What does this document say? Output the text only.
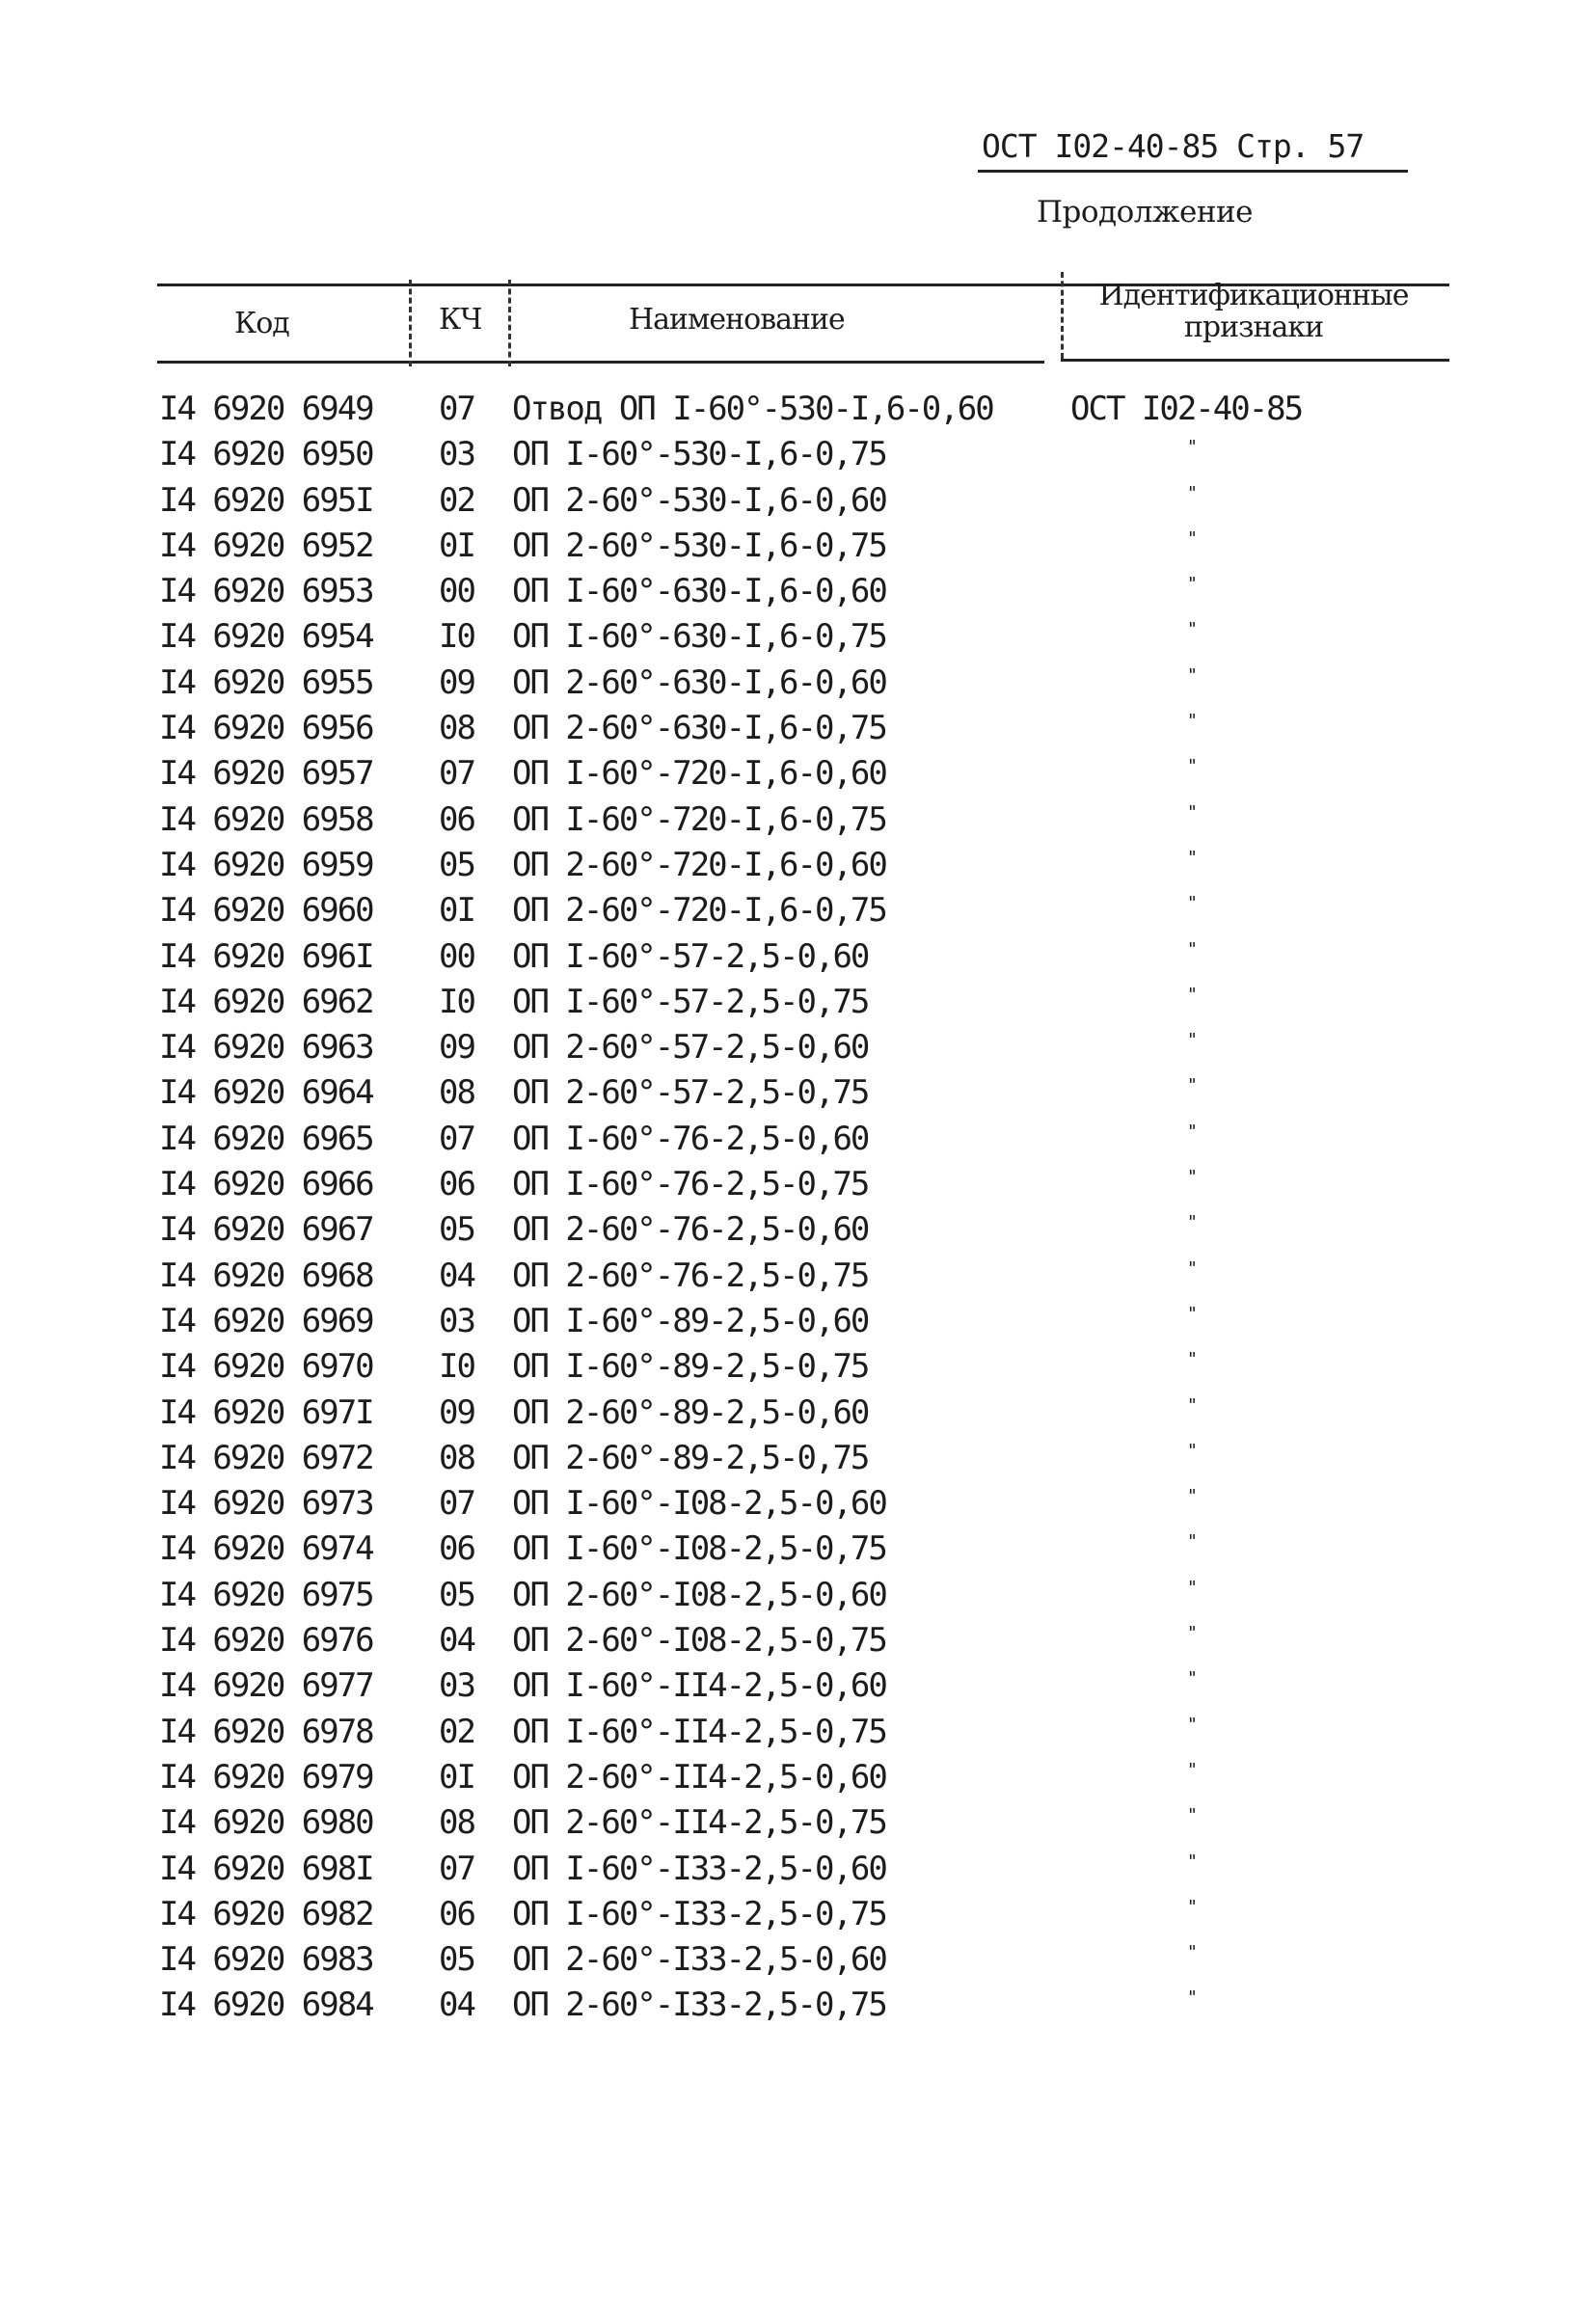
ОСТ I02-40-85 Стр. 57
Продолжение
Код	КЧ	Наименование
Идентификационные
признаки
I4 6920 6949 07 Отвод ОП I-60°-530-I,6-0,60 ОСТ I02-40-85
I4 6920 6950 03 ОП I-60°-530-I,6-0,75	"
I4 6920 695I 02 ОП 2-60°-530-I,6-0,60	"
I4 6920 6952 0I ОП 2-60°-530-I,6-0,75	"
I4 6920 6953 00 ОП I-60°-630-I,6-0,60	"
I4 6920 6954 I0 ОП I-60°-630-I,6-0,75	"
I4 6920 6955 09 ОП 2-60°-630-I,6-0,60	"
I4 6920 6956 08 ОП 2-60°-630-I,6-0,75	"
I4 6920 6957 07 ОП I-60°-720-I,6-0,60	"
I4 6920 6958 06 ОП I-60°-720-I,6-0,75	"
I4 6920 6959 05 ОП 2-60°-720-I,6-0,60	"
I4 6920 6960 0I ОП 2-60°-720-I,6-0,75	"
I4 6920 696I 00 ОП I-60°-57-2,5-0,60	"
I4 6920 6962 I0 ОП I-60°-57-2,5-0,75	"
I4 6920 6963 09 ОП 2-60°-57-2,5-0,60	"
I4 6920 6964 08 ОП 2-60°-57-2,5-0,75	"
I4 6920 6965 07 ОП I-60°-76-2,5-0,60	"
I4 6920 6966 06 ОП I-60°-76-2,5-0,75	"
I4 6920 6967 05 ОП 2-60°-76-2,5-0,60	"
I4 6920 6968 04 ОП 2-60°-76-2,5-0,75	"
I4 6920 6969 03 ОП I-60°-89-2,5-0,60	"
I4 6920 6970 I0 ОП I-60°-89-2,5-0,75	"
I4 6920 697I 09 ОП 2-60°-89-2,5-0,60	"
I4 6920 6972 08 ОП 2-60°-89-2,5-0,75	"
I4 6920 6973 07 ОП I-60°-I08-2,5-0,60	"
I4 6920 6974 06 ОП I-60°-I08-2,5-0,75	"
I4 6920 6975 05 ОП 2-60°-I08-2,5-0,60	"
I4 6920 6976 04 ОП 2-60°-I08-2,5-0,75	"
I4 6920 6977 03 ОП I-60°-II4-2,5-0,60	"
I4 6920 6978 02 ОП I-60°-II4-2,5-0,75	"
I4 6920 6979 0I ОП 2-60°-II4-2,5-0,60	"
I4 6920 6980 08 ОП 2-60°-II4-2,5-0,75	"
I4 6920 698I 07 ОП I-60°-I33-2,5-0,60	"
I4 6920 6982 06 ОП I-60°-I33-2,5-0,75	"
I4 6920 6983 05 ОП 2-60°-I33-2,5-0,60	"
I4 6920 6984 04 ОП 2-60°-I33-2,5-0,75	"
